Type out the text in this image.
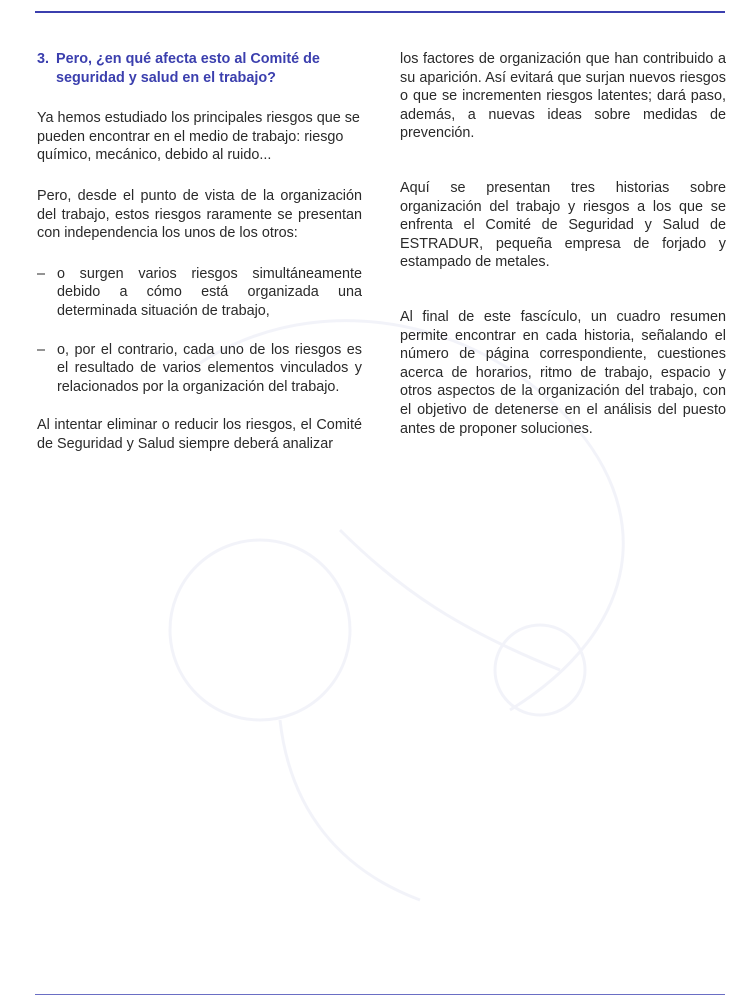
3. Pero, ¿en qué afecta esto al Comité de seguridad y salud en el trabajo?

Ya hemos estudiado los principales riesgos que se pueden encontrar en el medio de trabajo: riesgo químico, mecánico, debido al ruido...

Pero, desde el punto de vista de la organización del trabajo, estos riesgos raramente se presentan con independencia los unos de los otros:

– o surgen varios riesgos simultáneamente debido a cómo está organizada una determinada situación de trabajo,
– o, por el contrario, cada uno de los riesgos es el resultado de varios elementos vinculados y relacionados por la organización del trabajo.

Al intentar eliminar o reducir los riesgos, el Comité de Seguridad y Salud siempre deberá analizar

los factores de organización que han contribuido a su aparición. Así evitará que surjan nuevos riesgos o que se incrementen riesgos latentes; dará paso, además, a nuevas ideas sobre medidas de prevención.

Aquí se presentan tres historias sobre organización del trabajo y riesgos a los que se enfrenta el Comité de Seguridad y Salud de ESTRADUR, pequeña empresa de forjado y estampado de metales.

Al final de este fascículo, un cuadro resumen permite encontrar en cada historia, señalando el número de página correspondiente, cuestiones acerca de horarios, ritmo de trabajo, espacio y otros aspectos de la organización del trabajo, con el objetivo de detenerse en el análisis del puesto antes de proponer soluciones.
